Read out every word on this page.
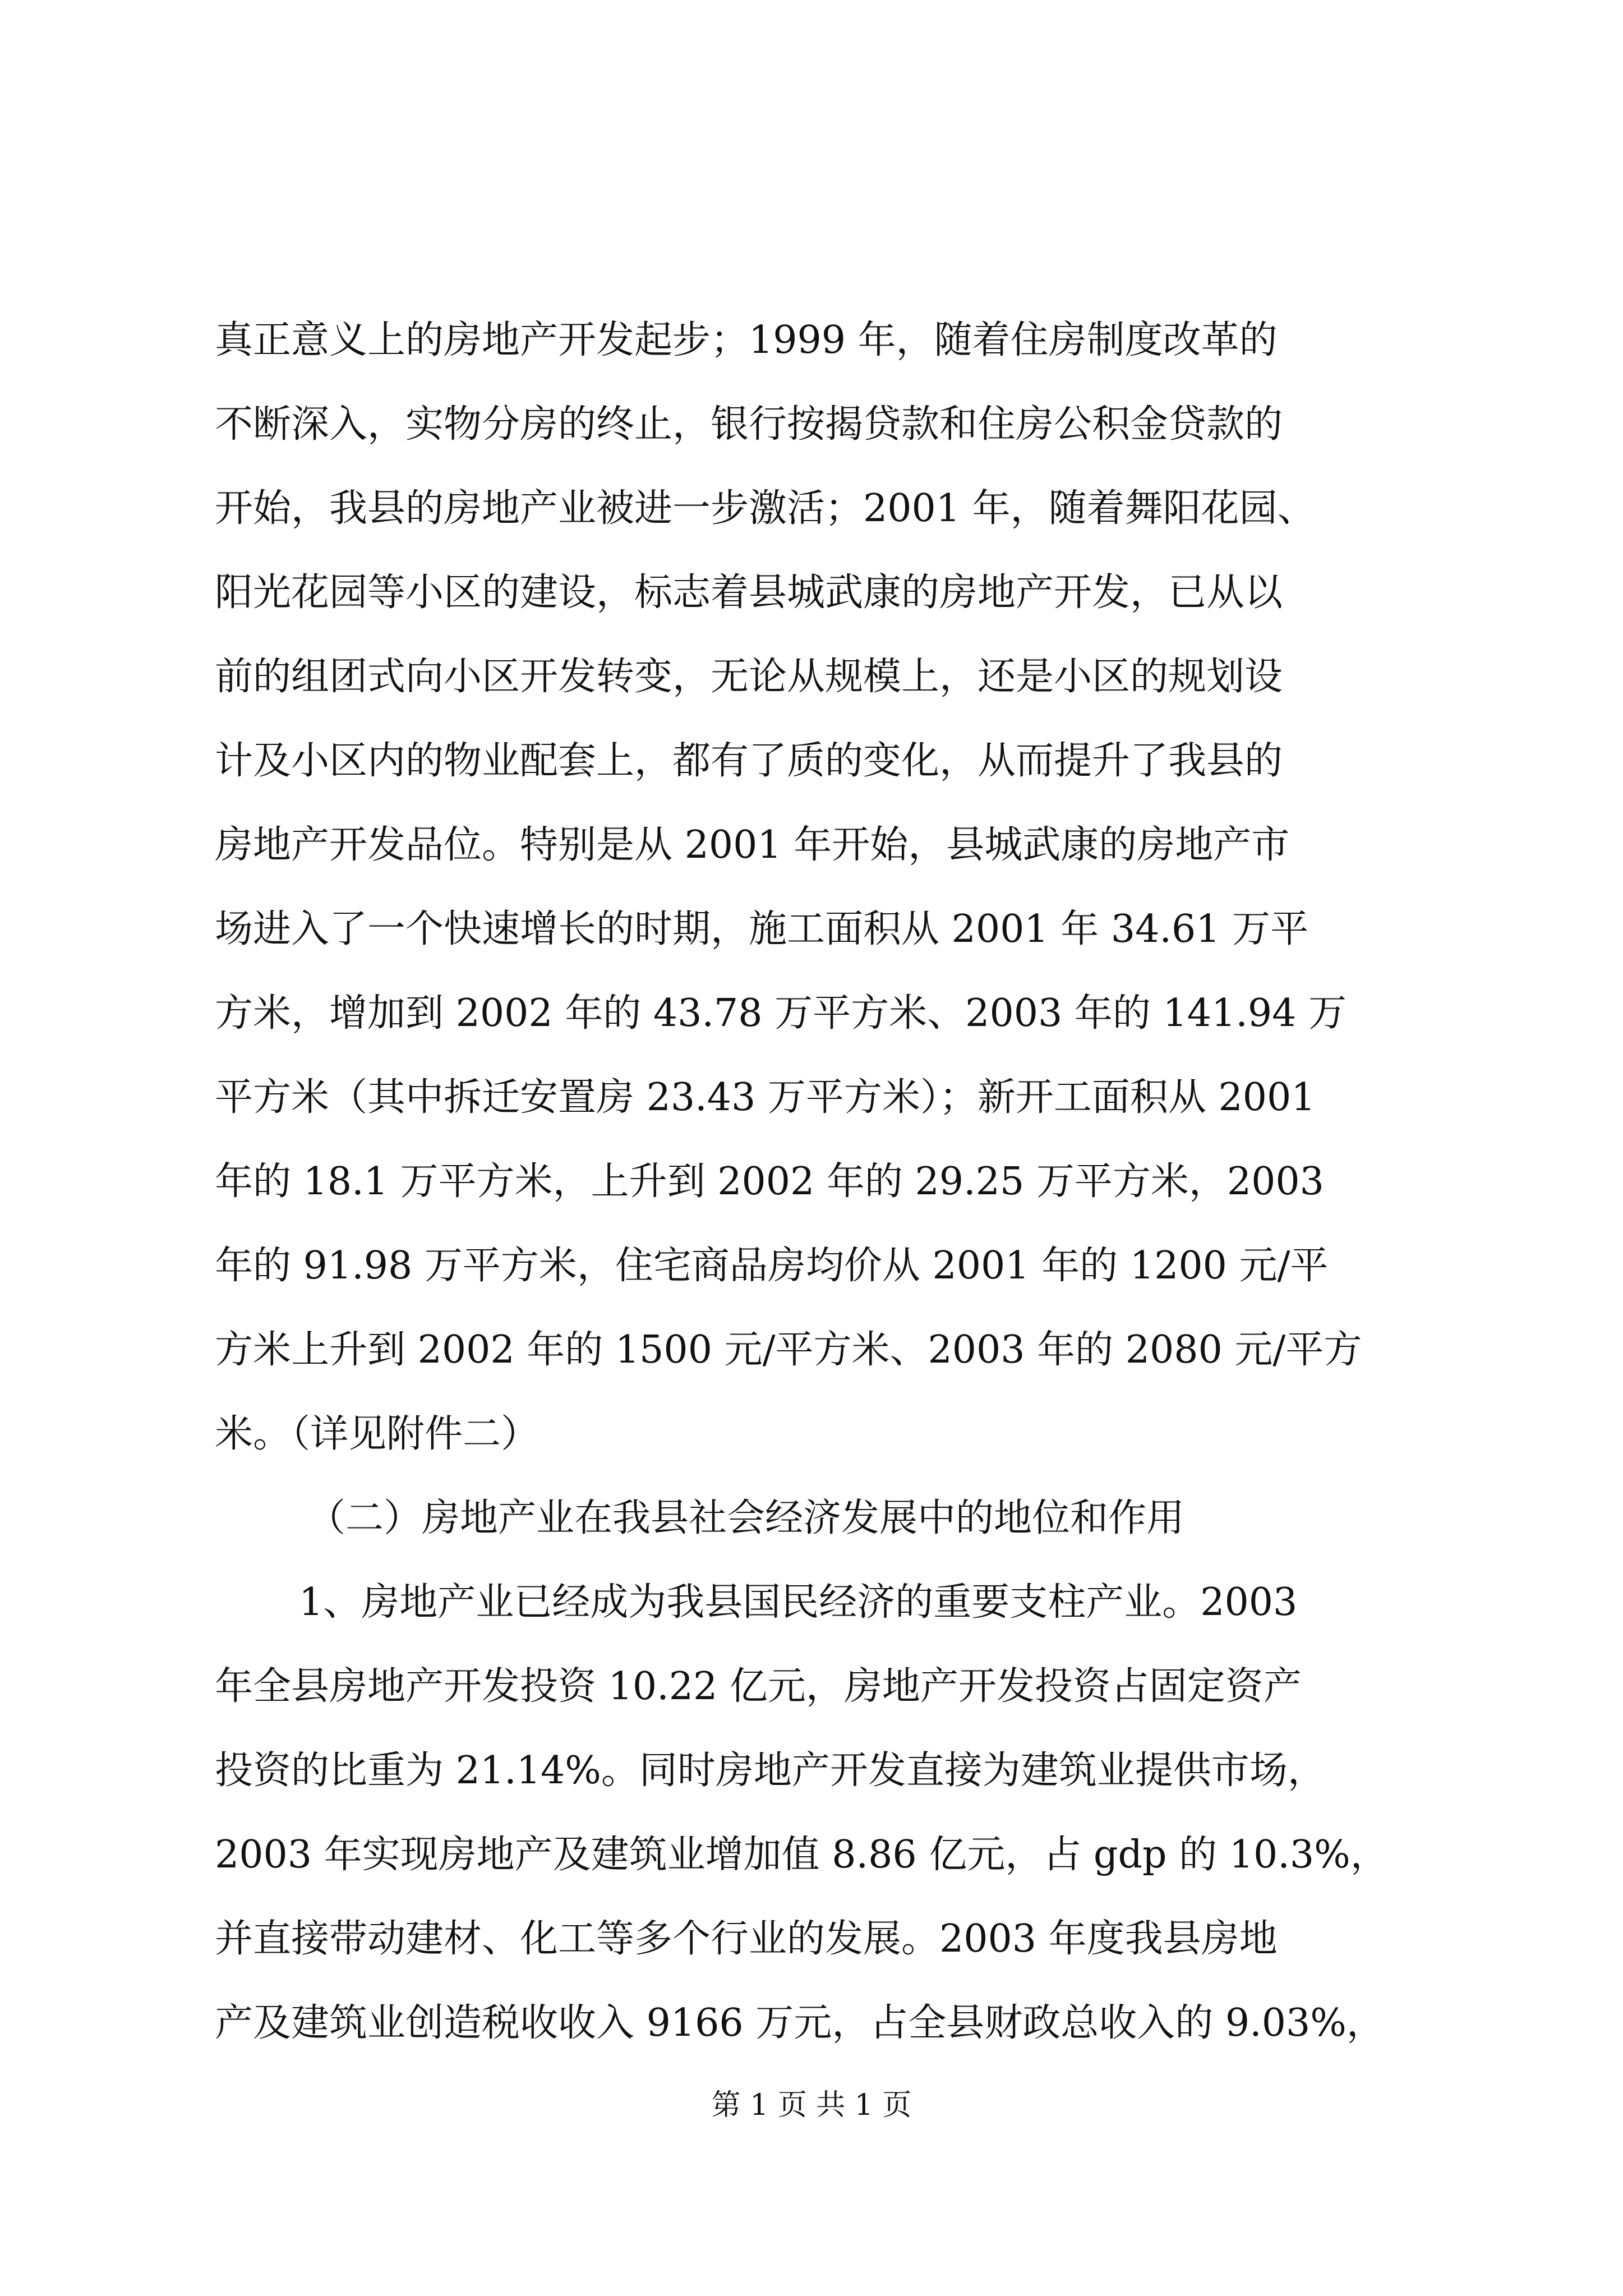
真正意义上的房地产开发起步；1999 年，随着住房制度改革的
不断深入，实物分房的终止，银行按揭贷款和住房公积金贷款的
开始，我县的房地产业被进一步激活；2001 年，随着舞阳花园、
阳光花园等小区的建设，标志着县城武康的房地产开发，已从以
前的组团式向小区开发转变，无论从规模上，还是小区的规划设
计及小区内的物业配套上，都有了质的变化，从而提升了我县的
房地产开发品位。特别是从 2001 年开始，县城武康的房地产市
场进入了一个快速增长的时期，施工面积从 2001 年 34.61 万平
方米，增加到 2002 年的 43.78 万平方米、2003 年的 141.94 万
平方米（其中拆迁安置房 23.43 万平方米）；新开工面积从 2001
年的 18.1 万平方米，上升到 2002 年的 29.25 万平方米，2003
年的 91.98 万平方米，住宅商品房均价从 2001 年的 1200 元/平
方米上升到 2002 年的 1500 元/平方米、2003 年的 2080 元/平方
米。（详见附件二）
（二）房地产业在我县社会经济发展中的地位和作用
1、房地产业已经成为我县国民经济的重要支柱产业。2003
年全县房地产开发投资 10.22 亿元，房地产开发投资占固定资产
投资的比重为 21.14%。同时房地产开发直接为建筑业提供市场，
2003 年实现房地产及建筑业增加值 8.86 亿元，占 gdp 的 10.3%，
并直接带动建材、化工等多个行业的发展。2003 年度我县房地
产及建筑业创造税收收入 9166 万元，占全县财政总收入的 9.03%，
第 1 页 共 1 页
